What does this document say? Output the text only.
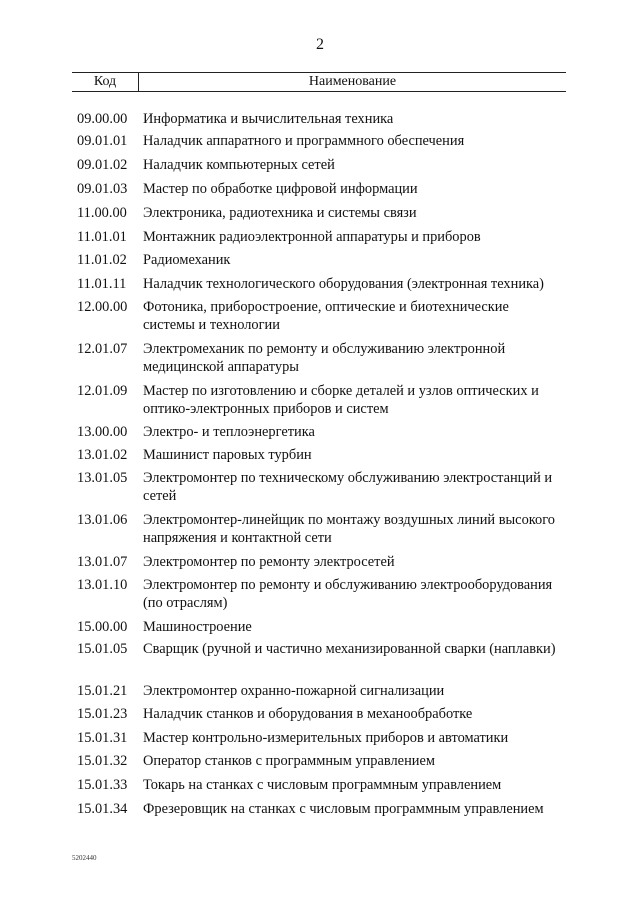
2
Код	Наименование
09.00.00 Информатика и вычислительная техника
09.01.01 Наладчик аппаратного и программного обеспечения
09.01.02 Наладчик компьютерных сетей
09.01.03 Мастер по обработке цифровой информации
11.00.00 Электроника, радиотехника и системы связи
11.01.01 Монтажник радиоэлектронной аппаратуры и приборов
11.01.02 Радиомеханик
11.01.11 Наладчик технологического оборудования (электронная техника)
12.00.00 Фотоника, приборостроение, оптические и биотехнические системы и технологии
12.01.07 Электромеханик по ремонту и обслуживанию электронной медицинской аппаратуры
12.01.09 Мастер по изготовлению и сборке деталей и узлов оптических и оптико-электронных приборов и систем
13.00.00 Электро- и теплоэнергетика
13.01.02 Машинист паровых турбин
13.01.05 Электромонтер по техническому обслуживанию электростанций и сетей
13.01.06 Электромонтер-линейщик по монтажу воздушных линий высокого напряжения и контактной сети
13.01.07 Электромонтер по ремонту электросетей
13.01.10 Электромонтер по ремонту и обслуживанию электрооборудования (по отраслям)
15.00.00 Машиностроение
15.01.05 Сварщик (ручной и частично механизированной сварки (наплавки)
15.01.21 Электромонтер охранно-пожарной сигнализации
15.01.23 Наладчик станков и оборудования в механообработке
15.01.31 Мастер контрольно-измерительных приборов и автоматики
15.01.32 Оператор станков с программным управлением
15.01.33 Токарь на станках с числовым программным управлением
15.01.34 Фрезеровщик на станках с числовым программным управлением
5202440
